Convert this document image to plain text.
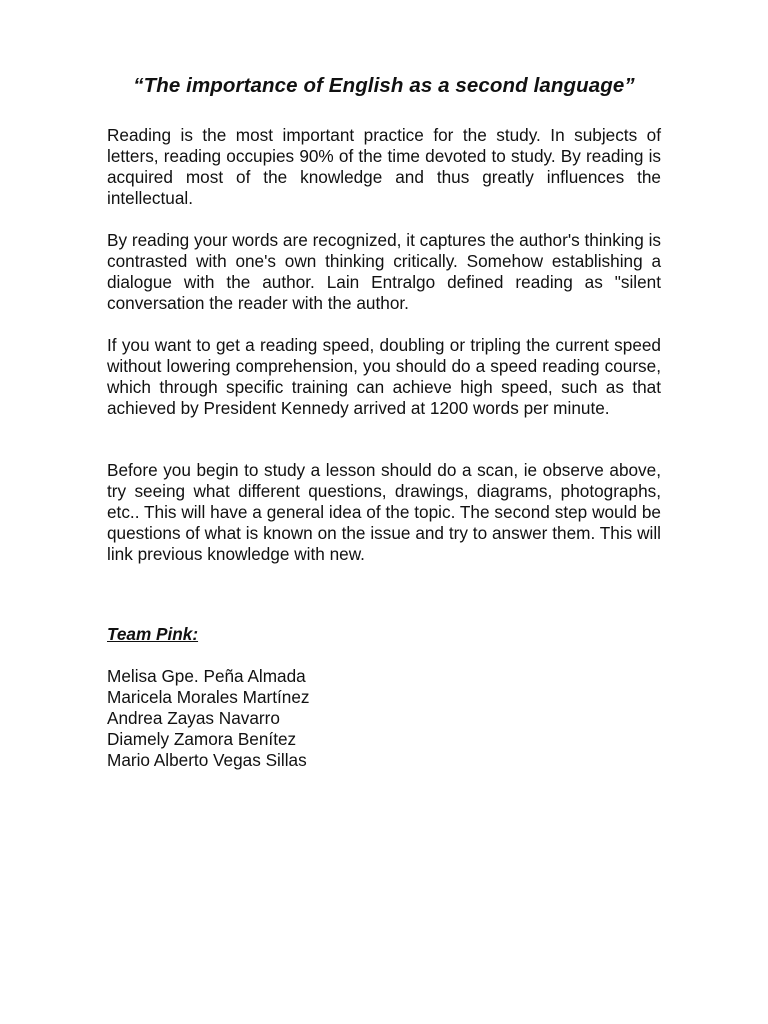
“The importance of English as a second language”

Reading is the most important practice for the study. In subjects of letters, reading occupies 90% of the time devoted to study. By reading is acquired most of the knowledge and thus greatly influences the intellectual.

By reading your words are recognized, it captures the author's thinking is contrasted with one's own thinking critically. Somehow establishing a dialogue with the author. Lain Entralgo defined reading as "silent conversation the reader with the author.

If you want to get a reading speed, doubling or tripling the current speed without lowering comprehension, you should do a speed reading course, which through specific training can achieve high speed, such as that achieved by President Kennedy arrived at 1200 words per minute.

Before you begin to study a lesson should do a scan, ie observe above, try seeing what different questions, drawings, diagrams, photographs, etc.. This will have a general idea of the topic. The second step would be questions of what is known on the issue and try to answer them. This will link previous knowledge with new.

Team Pink:

Melisa Gpe. Peña Almada
Maricela Morales Martínez
Andrea Zayas Navarro
Diamely Zamora Benítez
Mario Alberto Vegas Sillas
